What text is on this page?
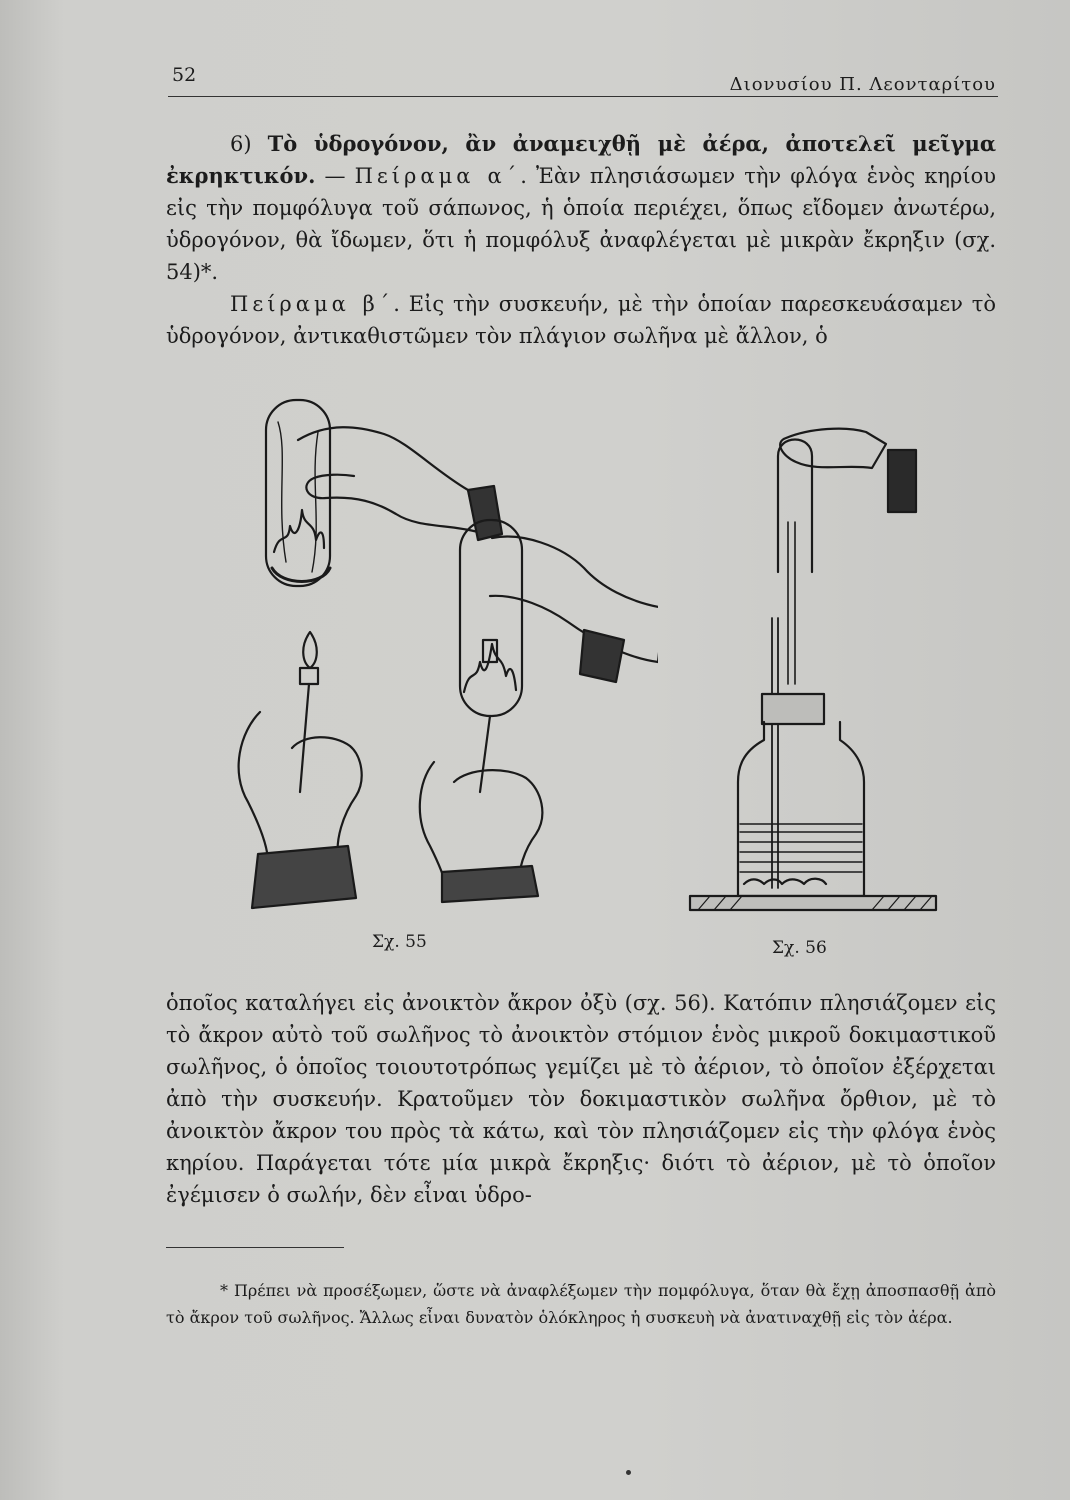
52	Διονυσίου Π. Λεονταρίτου

6) Τὸ ὑδρογόνον, ἂν ἀναμειχθῇ μὲ ἀέρα, ἀποτελεῖ μεῖγμα ἐκρηκτικόν. — Πείραμα α΄. Ἐὰν πλησιάσωμεν τὴν φλόγα ἑνὸς κηρίου εἰς τὴν πομφόλυγα τοῦ σάπωνος, ἡ ὁποία περιέχει, ὅπως εἴδομεν ἀνωτέρω, ὑδρογόνον, θὰ ἴδωμεν, ὅτι ἡ πομφόλυξ ἀναφλέγεται μὲ μικρὰν ἔκρηξιν (σχ. 54)*.

Πείραμα β΄. Εἰς τὴν συσκευήν, μὲ τὴν ὁποίαν παρεσκευάσαμεν τὸ ὑδρογόνον, ἀντικαθιστῶμεν τὸν πλάγιον σωλῆνα μὲ ἄλλον, ὁ

Σχ. 55	Σχ. 56

ὁποῖος καταλήγει εἰς ἀνοικτὸν ἄκρον ὀξὺ (σχ. 56). Κατόπιν πλησιάζομεν εἰς τὸ ἄκρον αὐτὸ τοῦ σωλῆνος τὸ ἀνοικτὸν στόμιον ἑνὸς μικροῦ δοκιμαστικοῦ σωλῆνος, ὁ ὁποῖος τοιουτοτρόπως γεμίζει μὲ τὸ ἀέριον, τὸ ὁποῖον ἐξέρχεται ἀπὸ τὴν συσκευήν. Κρατοῦμεν τὸν δοκιμαστικὸν σωλῆνα ὄρθιον, μὲ τὸ ἀνοικτὸν ἄκρον του πρὸς τὰ κάτω, καὶ τὸν πλησιάζομεν εἰς τὴν φλόγα ἑνὸς κηρίου. Παράγεται τότε μία μικρὰ ἔκρηξις· διότι τὸ ἀέριον, μὲ τὸ ὁποῖον ἐγέμισεν ὁ σωλήν, δὲν εἶναι ὑδρο-

* Πρέπει νὰ προσέξωμεν, ὥστε νὰ ἀναφλέξωμεν τὴν πομφόλυγα, ὅταν θὰ ἔχῃ ἀποσπασθῇ ἀπὸ τὸ ἄκρον τοῦ σωλῆνος. Ἄλλως εἶναι δυνατὸν ὁλόκληρος ἡ συσκευὴ νὰ ἀνατιναχθῇ εἰς τὸν ἀέρα.
